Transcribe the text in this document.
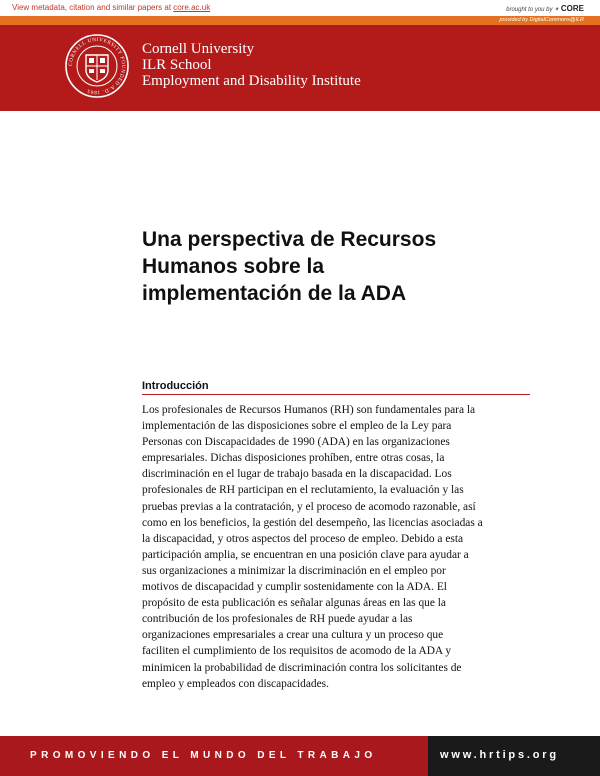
View metadata, citation and similar papers at core.ac.uk	brought to you by ✴ CORE
provided by DigitalCommons@ILR
CORNELL UNIVERSITY FOUNDED A.D. 1865
Cornell University
ILR School
Employment and Disability Institute
Una perspectiva de Recursos
Humanos sobre la
implementación de la ADA
Introducción
Los profesionales de Recursos Humanos (RH) son fundamentales para la
implementación de las disposiciones sobre el empleo de la Ley para
Personas con Discapacidades de 1990 (ADA) en las organizaciones
empresariales. Dichas disposiciones prohíben, entre otras cosas, la
discriminación en el lugar de trabajo basada en la discapacidad. Los
profesionales de RH participan en el reclutamiento, la evaluación y las
pruebas previas a la contratación, y el proceso de acomodo razonable, así
como en los beneficios, la gestión del desempeño, las licencias asociadas a
la discapacidad, y otros aspectos del proceso de empleo. Debido a esta
participación amplia, se encuentran en una posición clave para ayudar a
sus organizaciones a minimizar la discriminación en el empleo por
motivos de discapacidad y cumplir sostenidamente con la ADA. El
propósito de esta publicación es señalar algunas áreas en las que la
contribución de los profesionales de RH puede ayudar a las
organizaciones empresariales a crear una cultura y un proceso que
faciliten el cumplimiento de los requisitos de acomodo de la ADA y
minimicen la probabilidad de discriminación contra los solicitantes de
empleo y empleados con discapacidades.
PROMOVIENDO EL MUNDO DEL TRABAJO	www.hrtips.org
